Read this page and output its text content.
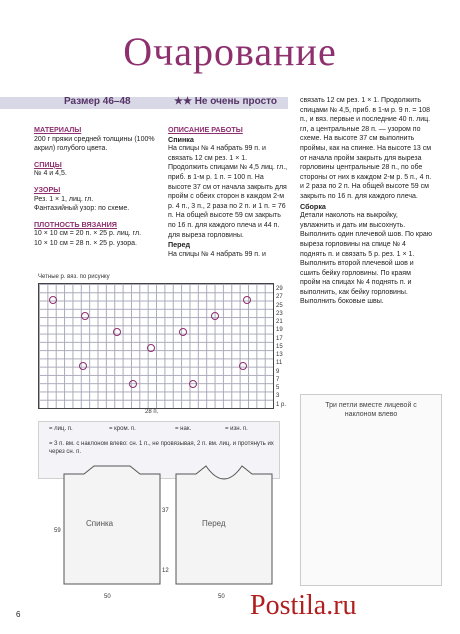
Очарование
Размер 46–48	★★ Не очень просто
МАТЕРИАЛЫ
200 г пряжи средней толщины (100% акрил) голубого цвета.
СПИЦЫ
№ 4 и 4,5.
УЗОРЫ
Рез. 1 × 1, лиц. гл.
Фантазийный узор: по схеме.
ПЛОТНОСТЬ ВЯЗАНИЯ
10 × 10 см = 20 п. × 25 р. лиц. гл.
10 × 10 см = 28 п. × 25 р. узора.
ОПИСАНИЕ РАБОТЫ
Спинка
На спицы № 4 набрать 99 п. и связать 12 см рез. 1 × 1. Продолжить спицами № 4,5 лиц. гл., приб. в 1-м р. 1 п. = 100 п. На высоте 37 см от начала закрыть для пройм с обеих сторон в каждом 2-м р. 4 п., 3 п., 2 раза по 2 п. и 1 п. = 76 п. На общей высоте 59 см закрыть по 16 п. для каждого плеча и 44 п. для выреза горловины.
Перед
На спицы № 4 набрать 99 п. и
связать 12 см рез. 1 × 1. Продолжить спицами № 4,5, приб. в 1-м р. 9 п. = 108 п., и вяз. первые и последние 40 п. лиц. гл, а центральные 28 п. — узором по схеме. На высоте 37 см выполнить проймы, как на спинке. На высоте 13 см от начала пройм закрыть для выреза горловины центральные 28 п., по обе стороны от них в каждом 2-м р. 5 п., 4 п. и 2 раза по 2 п. На общей высоте 59 см закрыть по 16 п. для каждого плеча.
Сборка
Детали наколоть на выкройку, увлажнить и дать им высохнуть. Выполнить один плечевой шов. По краю выреза горловины на спице № 4 поднять п. и связать 5 р. рез. 1 × 1. Выполнить второй плечевой шов и сшить бейку горловины. По краям пройм на спицах № 4 поднять п. и выполнить, как бейку горловины. Выполнить боковые швы.
Четные р. вяз. по рисунку
29
27
25
23
21
19
17
15
13
11
9
7
5
3
1 р.
28 п.
= лиц. п.	= кром. п.	= нак.	= изн. п.
= 3 п. вм. с наклоном влево: сн. 1 п., не провязывая, 2 п. вм. лиц. и протянуть их через сн. п.
Спинка	Перед
59
37
12
50	50
Три петли вместе лицевой с наклоном влево
6	Postila.ru
